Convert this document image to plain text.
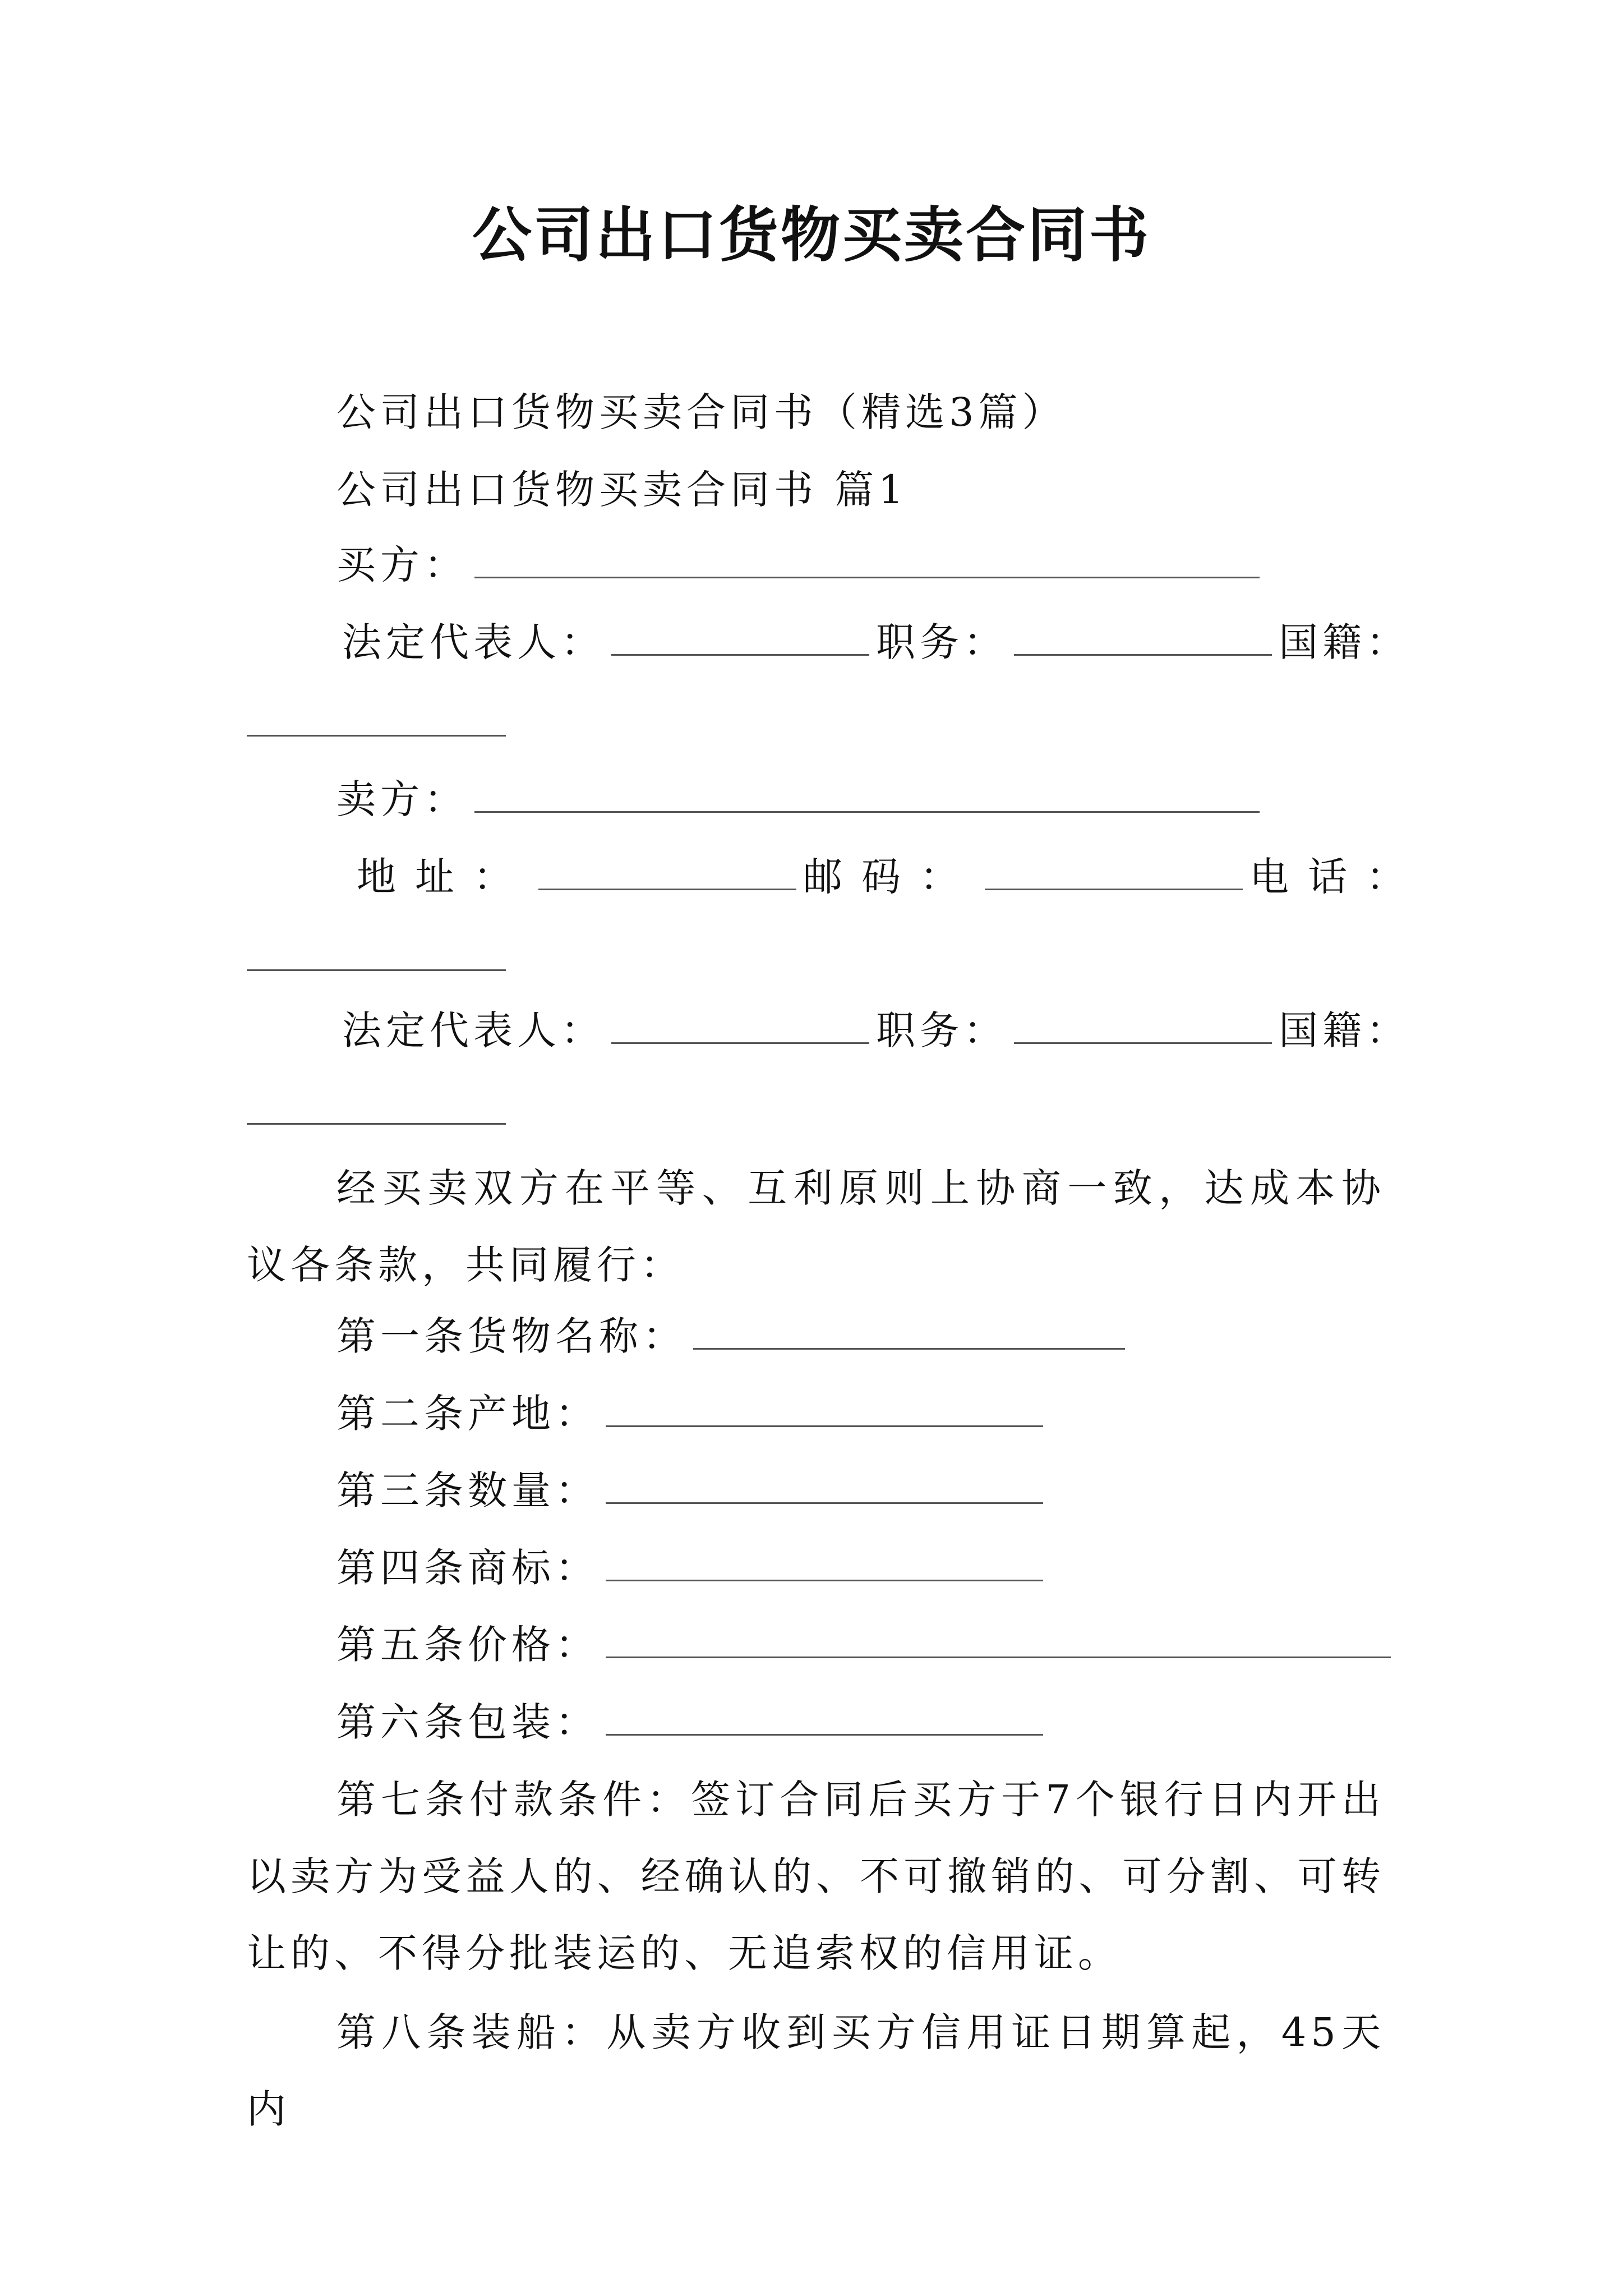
公司出口货物买卖合同书
公司出口货物买卖合同书（精选3篇）
公司出口货物买卖合同书 篇1
买方：
法定代表人：	职务：	国籍：
卖方：
地址：	邮码：	电话：
法定代表人：	职务：	国籍：
经买卖双方在平等、互利原则上协商一致，达成本协议各条款，共同履行：
第一条货物名称：
第二条产地：
第三条数量：
第四条商标：
第五条价格：
第六条包装：
第七条付款条件：签订合同后买方于7个银行日内开出以卖方为受益人的、经确认的、不可撤销的、可分割、可转让的、不得分批装运的、无追索权的信用证。
第八条装船：从卖方收到买方信用证日期算起，45天内
